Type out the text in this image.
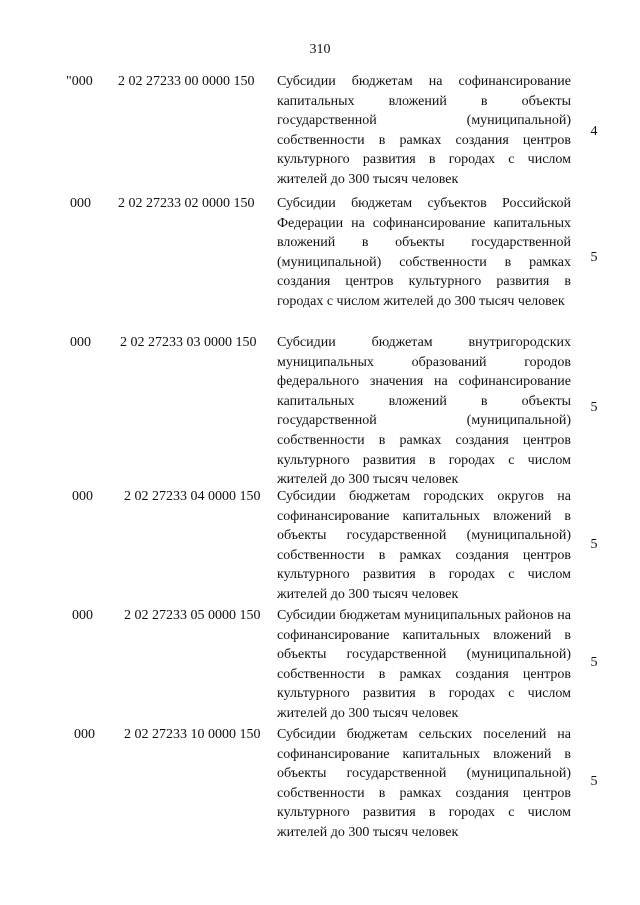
310
"000	2 02 27233 00 0000 150 Субсидии бюджетам на софинансирование капитальных вложений в объекты государственной (муниципальной) собственности в рамках создания центров культурного развития в городах с числом жителей до 300 тысяч человек
4
000	2 02 27233 02 0000 150 Субсидии бюджетам субъектов Российской Федерации на софинансирование капитальных вложений в объекты государственной (муниципальной) собственности в рамках создания центров культурного развития в городах с числом жителей до 300 тысяч человек
5
000	2 02 27233 03 0000 150 Субсидии бюджетам внутригородских муниципальных образований городов федерального значения на софинансирование капитальных вложений в объекты государственной (муниципальной) собственности в рамках создания центров культурного развития в городах с числом жителей до 300 тысяч человек
5
000	2 02 27233 04 0000 150 Субсидии бюджетам городских округов на софинансирование капитальных вложений в объекты государственной (муниципальной) собственности в рамках создания центров культурного развития в городах с числом жителей до 300 тысяч человек
5
000	2 02 27233 05 0000 150 Субсидии бюджетам муниципальных районов на софинансирование капитальных вложений в объекты государственной (муниципальной) собственности в рамках создания центров культурного развития в городах с числом жителей до 300 тысяч человек
5
000	2 02 27233 10 0000 150 Субсидии бюджетам сельских поселений на софинансирование капитальных вложений в объекты государственной (муниципальной) собственности в рамках создания центров культурного развития в городах с числом жителей до 300 тысяч человек
5
